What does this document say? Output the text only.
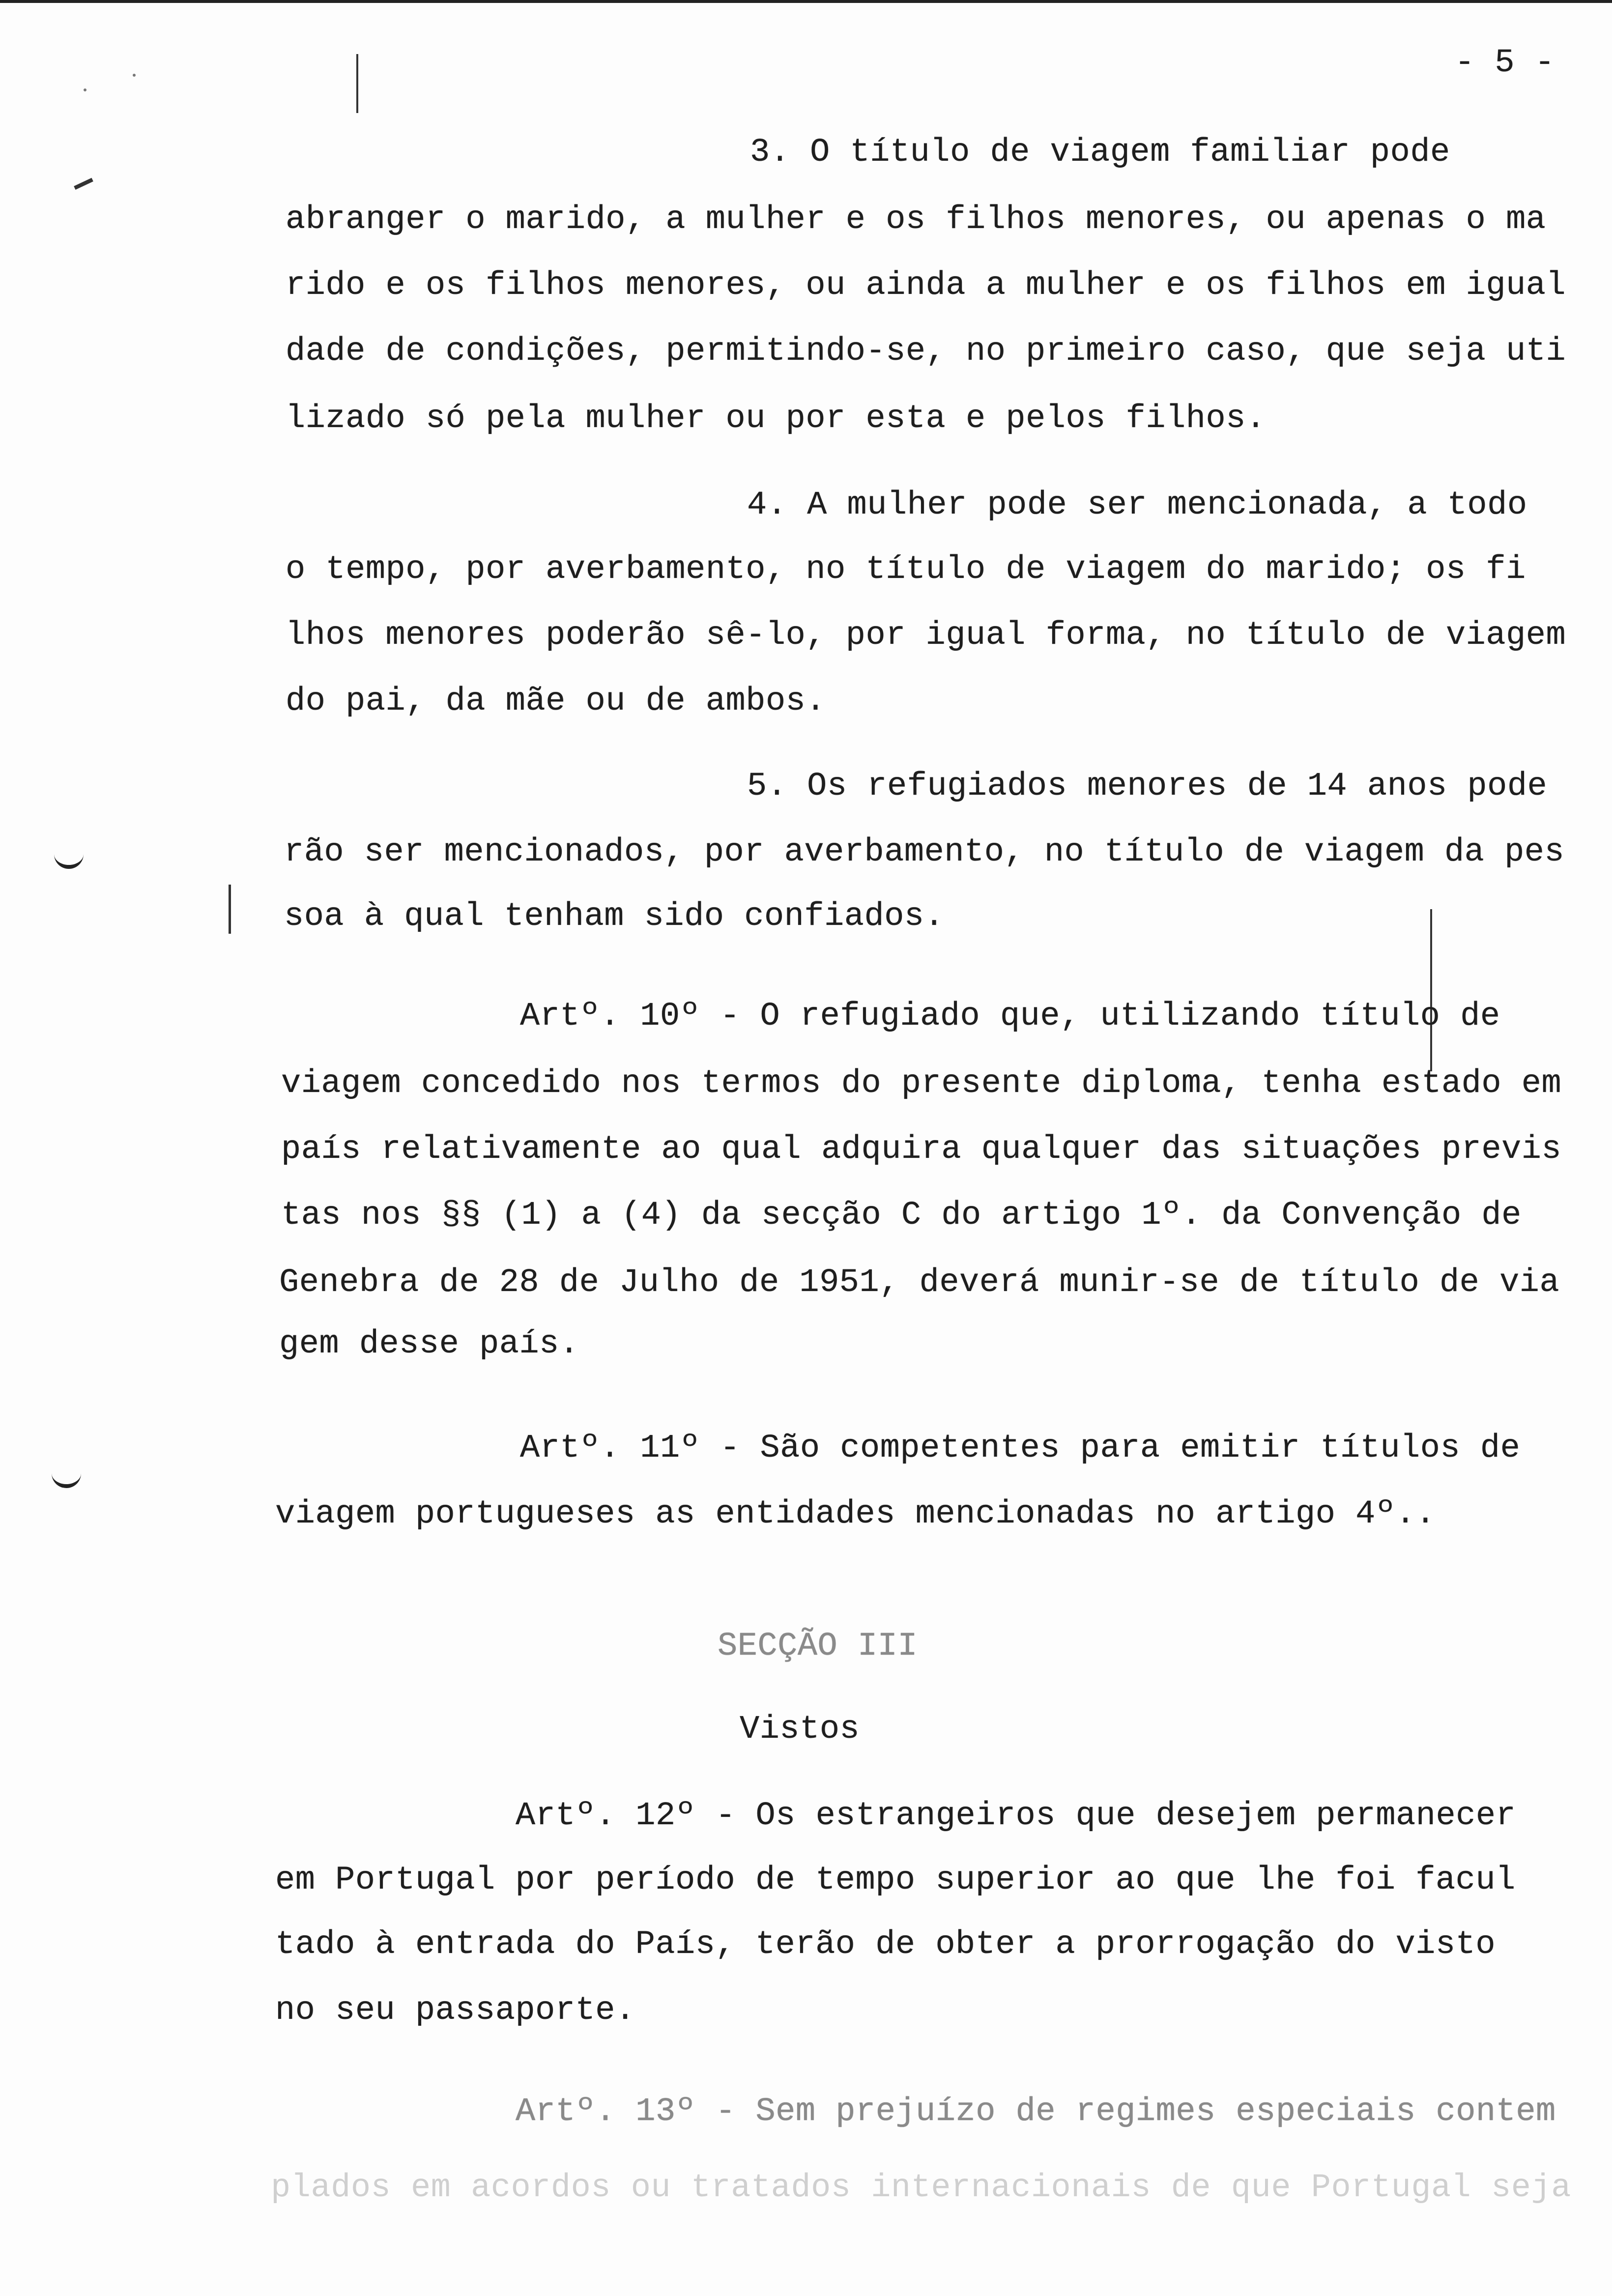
- 5 -
3. O título de viagem familiar pode
abranger o marido, a mulher e os filhos menores, ou apenas o ma
rido e os filhos menores, ou ainda a mulher e os filhos em igual
dade de condições, permitindo-se, no primeiro caso, que seja uti
lizado só pela mulher ou por esta e pelos filhos.
4. A mulher pode ser mencionada, a todo
o tempo, por averbamento, no título de viagem do marido; os fi
lhos menores poderão sê-lo, por igual forma, no título de viagem
do pai, da mãe ou de ambos.
5. Os refugiados menores de 14 anos pode
rão ser mencionados, por averbamento, no título de viagem da pes
soa à qual tenham sido confiados.
Artº. 10º - O refugiado que, utilizando título de
viagem concedido nos termos do presente diploma, tenha estado em
país relativamente ao qual adquira qualquer das situações previs
tas nos §§ (1) a (4) da secção C do artigo 1º. da Convenção de
Genebra de 28 de Julho de 1951, deverá munir-se de título de via
gem desse país.
Artº. 11º - São competentes para emitir títulos de
viagem portugueses as entidades mencionadas no artigo 4º..
SECÇÃO III
Vistos
Artº. 12º - Os estrangeiros que desejem permanecer
em Portugal por período de tempo superior ao que lhe foi facul
tado à entrada do País, terão de obter a prorrogação do visto
no seu passaporte.
Artº. 13º - Sem prejuízo de regimes especiais contem
plados em acordos ou tratados internacionais de que Portugal seja
